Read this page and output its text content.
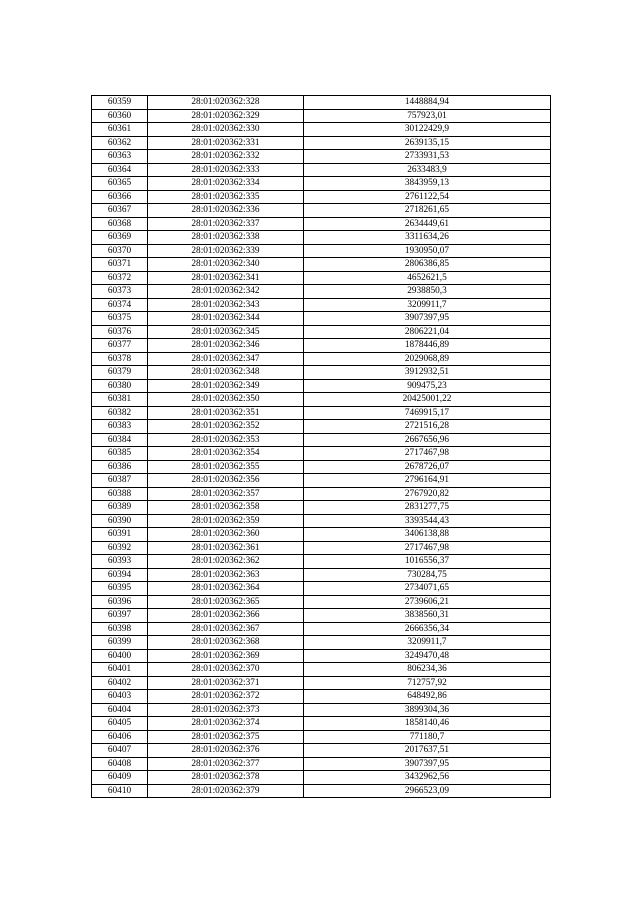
60359	28:01:020362:328	1448884,94
60360	28:01:020362:329	757923,01
60361	28:01:020362:330	30122429,9
60362	28:01:020362:331	2639135,15
60363	28:01:020362:332	2733931,53
60364	28:01:020362:333	2633483,9
60365	28:01:020362:334	3843959,13
60366	28:01:020362:335	2761122,54
60367	28:01:020362:336	2718261,65
60368	28:01:020362:337	2634449,61
60369	28:01:020362:338	3311634,26
60370	28:01:020362:339	1930950,07
60371	28:01:020362:340	2806386,85
60372	28:01:020362:341	4652621,5
60373	28:01:020362:342	2938850,3
60374	28:01:020362:343	3209911,7
60375	28:01:020362:344	3907397,95
60376	28:01:020362:345	2806221,04
60377	28:01:020362:346	1878446,89
60378	28:01:020362:347	2029068,89
60379	28:01:020362:348	3912932,51
60380	28:01:020362:349	909475,23
60381	28:01:020362:350	20425001,22
60382	28:01:020362:351	7469915,17
60383	28:01:020362:352	2721516,28
60384	28:01:020362:353	2667656,96
60385	28:01:020362:354	2717467,98
60386	28:01:020362:355	2678726,07
60387	28:01:020362:356	2796164,91
60388	28:01:020362:357	2767920,82
60389	28:01:020362:358	2831277,75
60390	28:01:020362:359	3393544,43
60391	28:01:020362:360	3406138,88
60392	28:01:020362:361	2717467,98
60393	28:01:020362:362	1016556,37
60394	28:01:020362:363	730284,75
60395	28:01:020362:364	2734071,65
60396	28:01:020362:365	2739606,21
60397	28:01:020362:366	3838560,31
60398	28:01:020362:367	2666356,34
60399	28:01:020362:368	3209911,7
60400	28:01:020362:369	3249470,48
60401	28:01:020362:370	806234,36
60402	28:01:020362:371	712757,92
60403	28:01:020362:372	648492,86
60404	28:01:020362:373	3899304,36
60405	28:01:020362:374	1858140,46
60406	28:01:020362:375	771180,7
60407	28:01:020362:376	2017637,51
60408	28:01:020362:377	3907397,95
60409	28:01:020362:378	3432962,56
60410	28:01:020362:379	2966523,09
